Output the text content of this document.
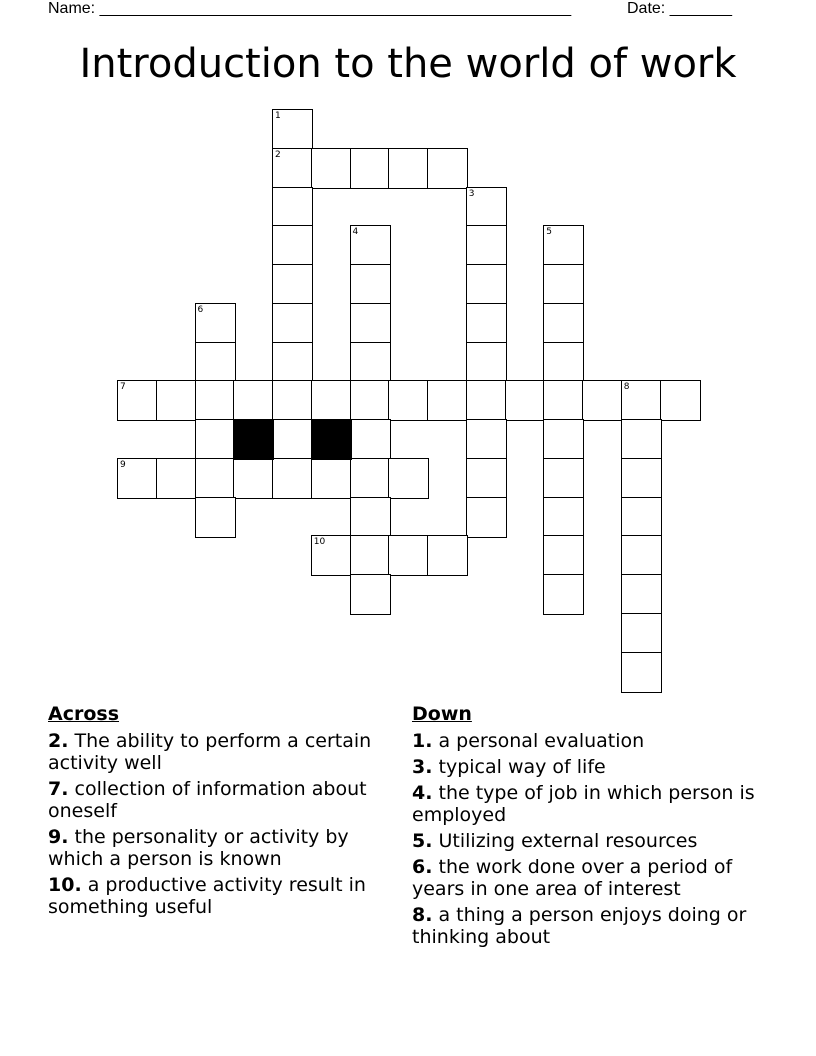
Name: _____________________________________________________	Date: _______
Introduction to the world of work
1
2
3
4	5
6
7	8
9
10
Across
2. The ability to perform a certain activity well
7. collection of information about oneself
9. the personality or activity by which a person is known
10. a productive activity result in something useful
Down
1. a personal evaluation
3. typical way of life
4. the type of job in which person is employed
5. Utilizing external resources
6. the work done over a period of years in one area of interest
8. a thing a person enjoys doing or thinking about
